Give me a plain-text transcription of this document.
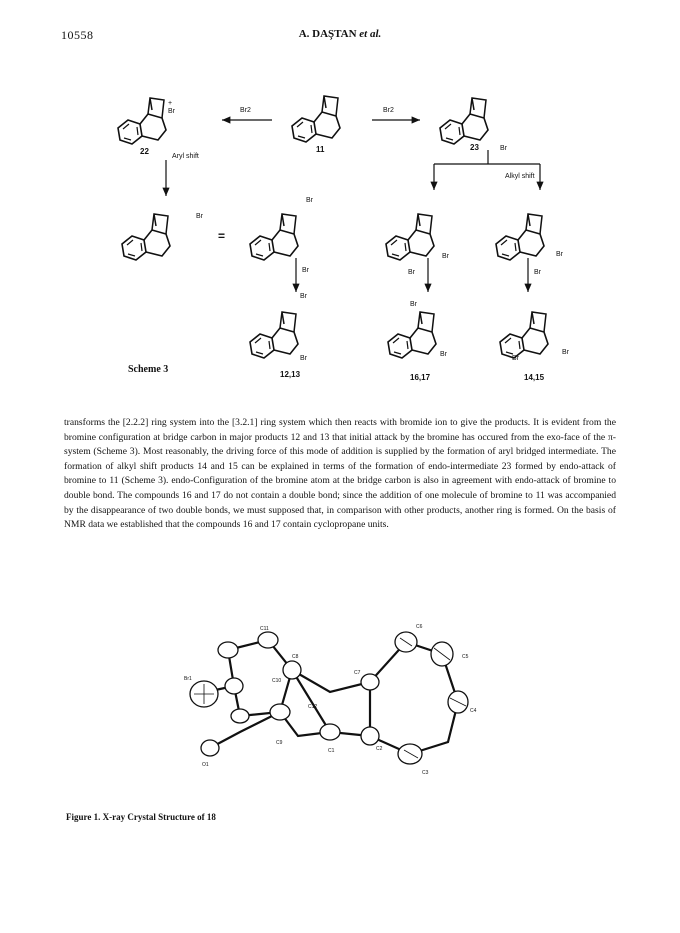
10558	A. DAŞTAN et al.
+
Br
22
Br2
11
Br2
Br
23
Aryl shift
Alkyl shift
Br
=
Br
Br	Br
Br	Br	Br
Br
Br
12,13
Br
Br
16,17
Br
Br
14,15
Scheme 3

transforms the [2.2.2] ring system into the [3.2.1] ring system which then reacts with bromide ion to give the products. It is evident from the bromine configuration at bridge carbon in major products 12 and 13 that initial attack by the bromine has occured from the exo-face of the π-system (Scheme 3). Most reasonably, the driving force of this mode of addition is supplied by the formation of aryl bridged intermediate. The formation of alkyl shift products 14 and 15 can be explained in terms of the formation of endo-intermediate 23 formed by endo-attack of bromine to 11 (Scheme 3). endo-Configuration of the bromine atom at the bridge carbon is also in agreement with endo-attack of bromine to double bond. The compounds 16 and 17 do not contain a double bond; since the addition of one molecule of bromine to 11 was accompanied by the disappearance of two double bonds, we must supposed that, in comparison with other products, another ring is formed. On the basis of NMR data we established that the compounds 16 and 17 contain cyclopropane units.

C11
C8
C10
C12
C1
C7
C2
C6
C5
C4
C3
C9
Br1
O1
Figure 1. X-ray Crystal Structure of 18
